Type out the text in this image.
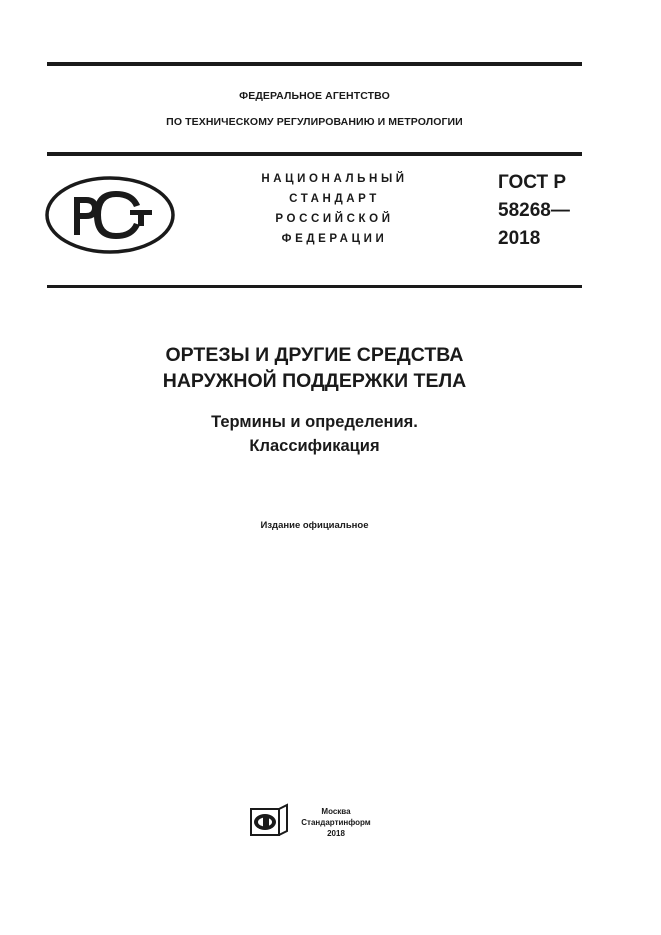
ФЕДЕРАЛЬНОЕ АГЕНТСТВО
ПО ТЕХНИЧЕСКОМУ РЕГУЛИРОВАНИЮ И МЕТРОЛОГИИ
НАЦИОНАЛЬНЫЙ
СТАНДАРТ
РОССИЙСКОЙ
ФЕДЕРАЦИИ
ГОСТ Р
58268—
2018
ОРТЕЗЫ И ДРУГИЕ СРЕДСТВА
НАРУЖНОЙ ПОДДЕРЖКИ ТЕЛА
Термины и определения.
Классификация
Издание официальное
Москва
Стандартинформ
2018
